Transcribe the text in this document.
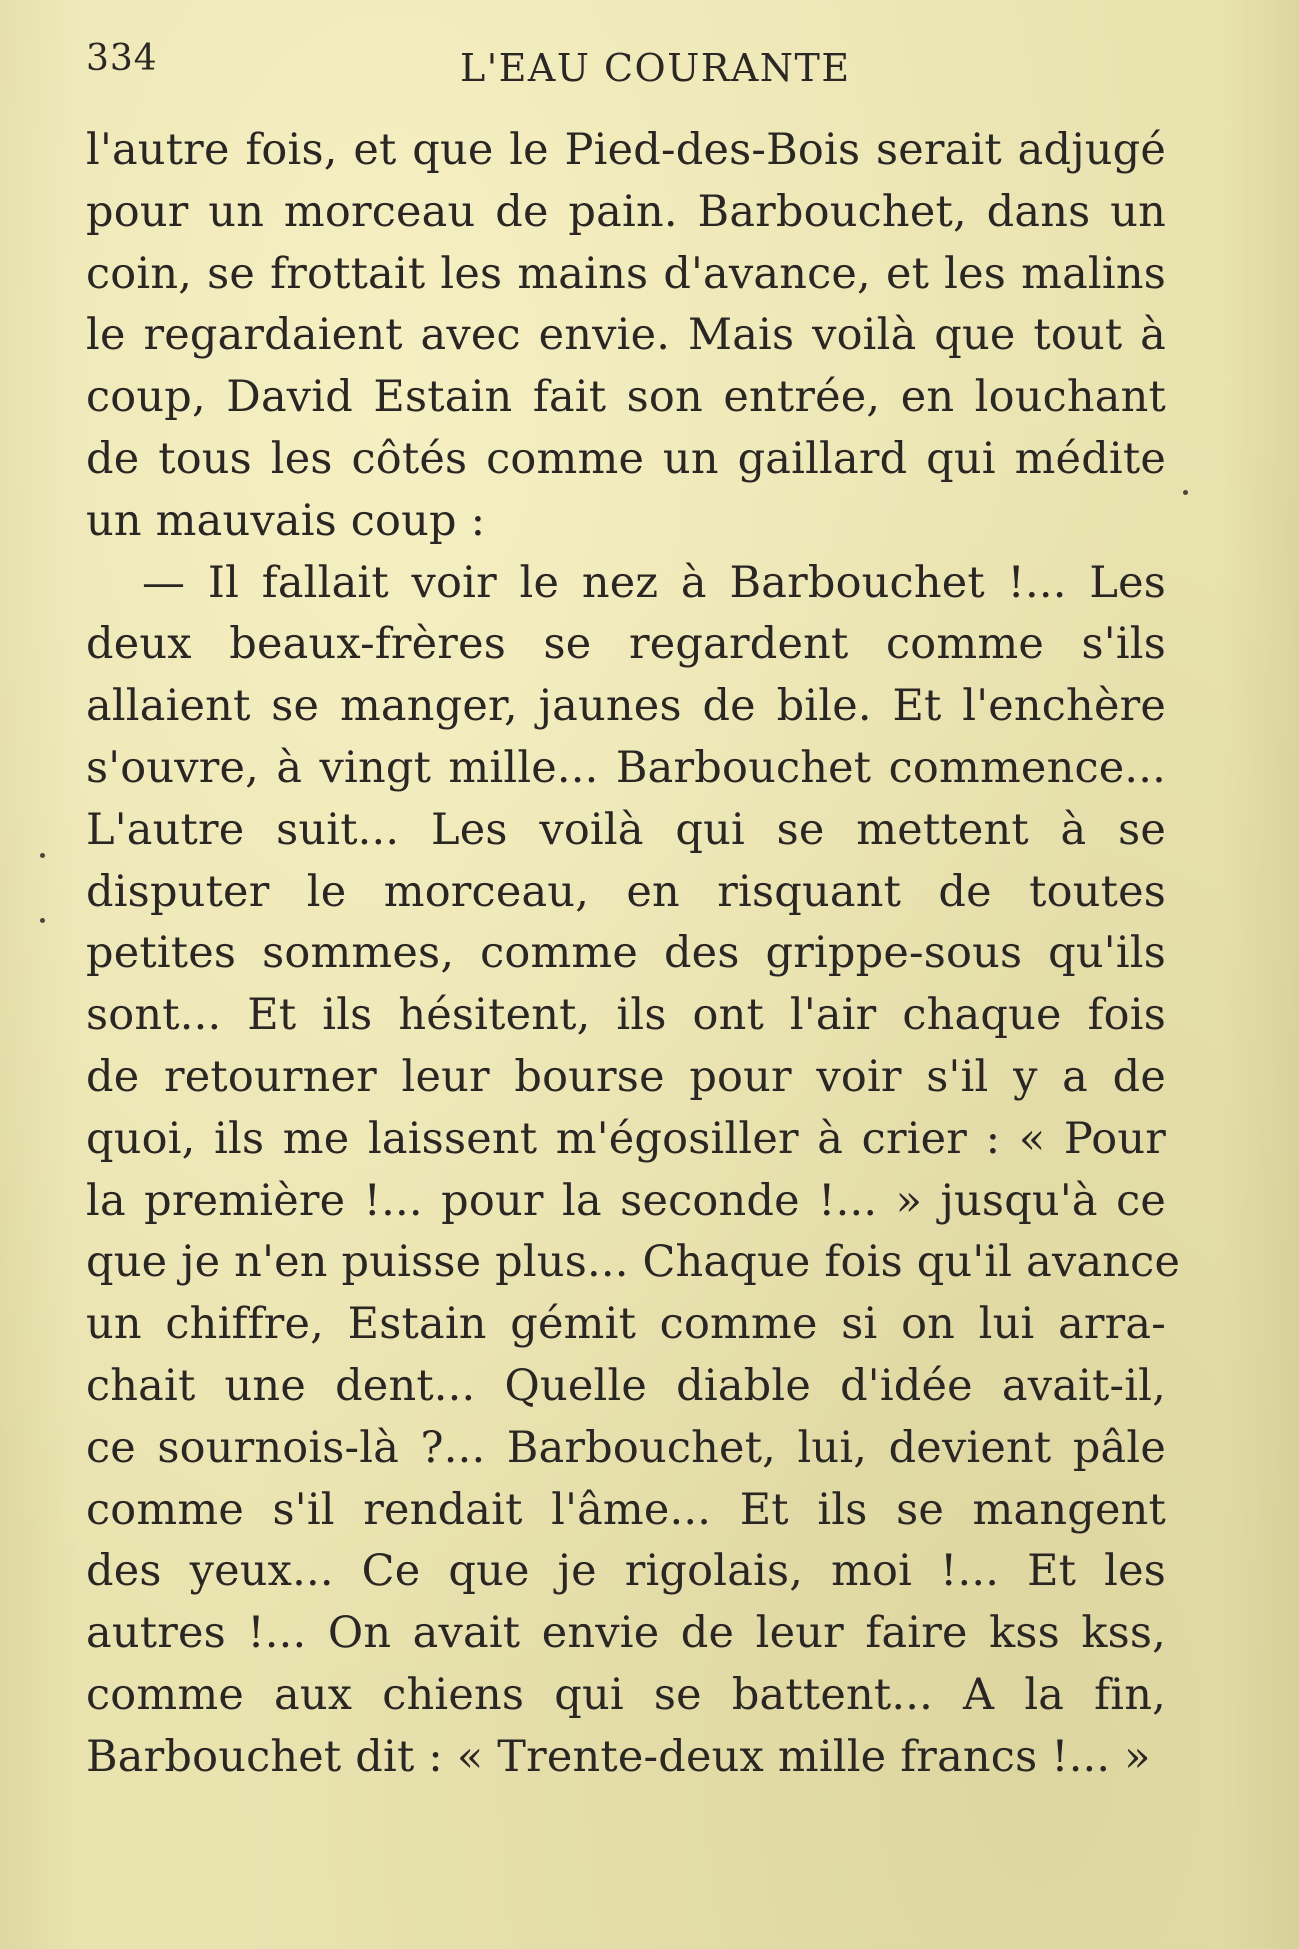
334	L'EAU COURANTE
l'autre fois, et que le Pied-des-Bois serait adjugé
pour un morceau de pain. Barbouchet, dans un
coin, se frottait les mains d'avance, et les malins
le regardaient avec envie. Mais voilà que tout à
coup, David Estain fait son entrée, en louchant
de tous les côtés comme un gaillard qui médite
un mauvais coup :
— Il fallait voir le nez à Barbouchet !... Les
deux beaux-frères se regardent comme s'ils
allaient se manger, jaunes de bile. Et l'enchère
s'ouvre, à vingt mille... Barbouchet commence...
L'autre suit... Les voilà qui se mettent à se
disputer le morceau, en risquant de toutes
petites sommes, comme des grippe-sous qu'ils
sont... Et ils hésitent, ils ont l'air chaque fois
de retourner leur bourse pour voir s'il y a de
quoi, ils me laissent m'égosiller à crier : « Pour
la première !... pour la seconde !... » jusqu'à ce
que je n'en puisse plus... Chaque fois qu'il avance
un chiffre, Estain gémit comme si on lui arra-
chait une dent... Quelle diable d'idée avait-il,
ce sournois-là ?... Barbouchet, lui, devient pâle
comme s'il rendait l'âme... Et ils se mangent
des yeux... Ce que je rigolais, moi !... Et les
autres !... On avait envie de leur faire kss kss,
comme aux chiens qui se battent... A la fin,
Barbouchet dit : « Trente-deux mille francs !... »
